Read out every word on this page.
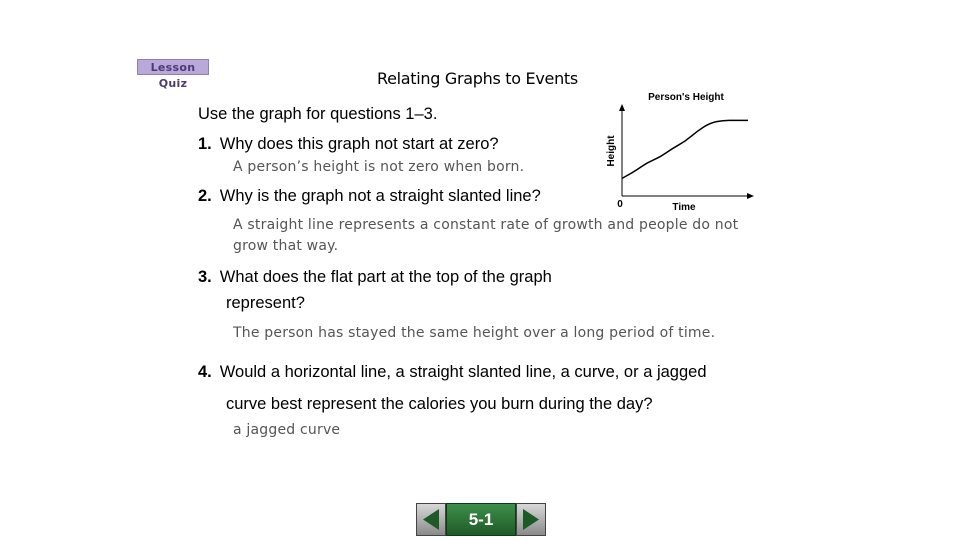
Lesson Quiz	Relating Graphs to Events
Use the graph for questions 1–3.
1. Why does this graph not start at zero?
A person’s height is not zero when born.
2. Why is the graph not a straight slanted line?
A straight line represents a constant rate of growth and people do not
grow that way.
3. What does the flat part at the top of the graph
represent?
The person has stayed the same height over a long period of time.
4. Would a horizontal line, a straight slanted line, a curve, or a jagged
curve best represent the calories you burn during the day?
a jagged curve
Person's Height
Height
Time
0
5-1
